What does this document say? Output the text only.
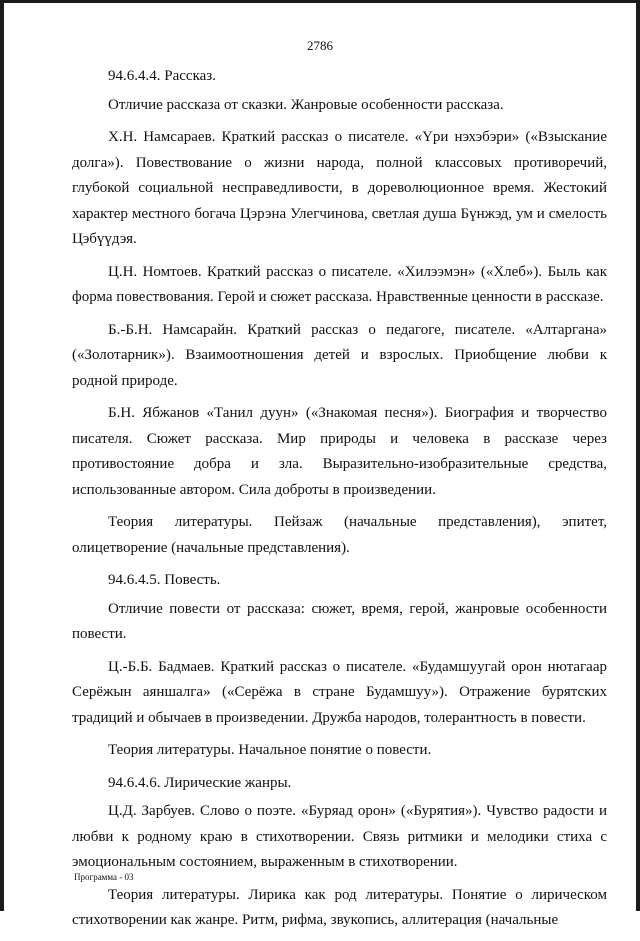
2786

94.6.4.4. Рассказ.

Отличие рассказа от сказки. Жанровые особенности рассказа.

Х.Н. Намсараев. Краткий рассказ о писателе. «Үри нэхэбэри» («Взыскание долга»). Повествование о жизни народа, полной классовых противоречий, глубокой социальной несправедливости, в дореволюционное время. Жестокий характер местного богача Цэрэна Улегчинова, светлая душа Бүнжэд, ум и смелость Цэбүүдэя.

Ц.Н. Номтоев. Краткий рассказ о писателе. «Хилээмэн» («Хлеб»). Быль как форма повествования. Герой и сюжет рассказа. Нравственные ценности в рассказе.

Б.-Б.Н. Намсарайн. Краткий рассказ о педагоге, писателе. «Алтаргана» («Золотарник»). Взаимоотношения детей и взрослых. Приобщение любви к родной природе.

Б.Н. Ябжанов «Танил дуун» («Знакомая песня»). Биография и творчество писателя. Сюжет рассказа. Мир природы и человека в рассказе через противостояние добра и зла. Выразительно-изобразительные средства, использованные автором. Сила доброты в произведении.

Теория литературы. Пейзаж (начальные представления), эпитет, олицетворение (начальные представления).

94.6.4.5. Повесть.

Отличие повести от рассказа: сюжет, время, герой, жанровые особенности повести.

Ц.-Б.Б. Бадмаев. Краткий рассказ о писателе. «Будамшуугай орон нютагаар Серёжын аяншалга» («Серёжа в стране Будамшуу»). Отражение бурятских традиций и обычаев в произведении. Дружба народов, толерантность в повести.

Теория литературы. Начальное понятие о повести.

94.6.4.6. Лирические жанры.

Ц.Д. Зарбуев. Слово о поэте. «Буряад орон» («Бурятия»). Чувство радости и любви к родному краю в стихотворении. Связь ритмики и мелодики стиха с эмоциональным состоянием, выраженным в стихотворении.

Теория литературы. Лирика как род литературы. Понятие о лирическом стихотворении как жанре. Ритм, рифма, звукопись, аллитерация (начальные

Программа - 03
